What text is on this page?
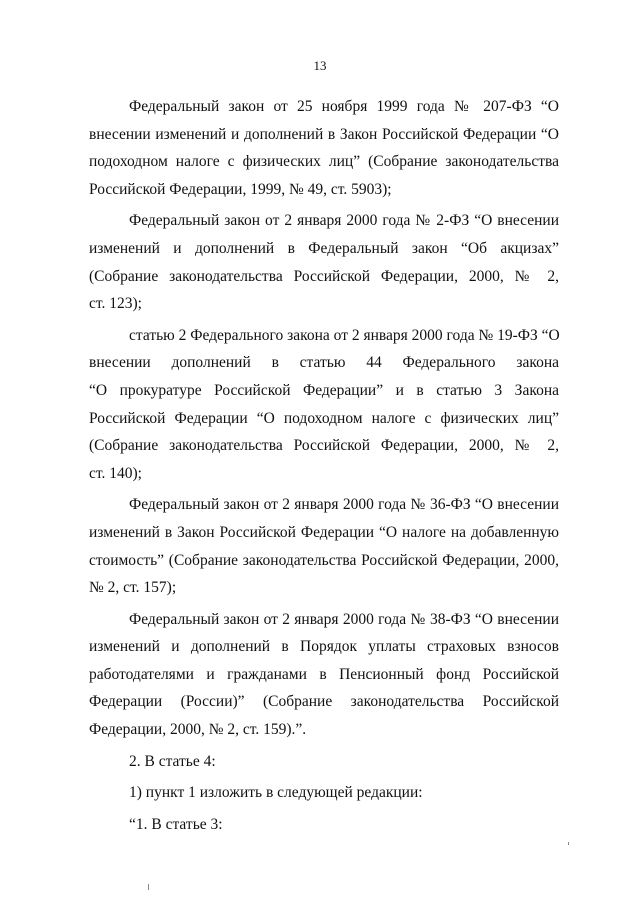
13
Федеральный закон от 25 ноября 1999 года № 207-ФЗ “О
внесении изменений и дополнений в Закон Российской Федерации “О
подоходном налоге с физических лиц” (Собрание законодательства
Российской Федерации, 1999, № 49, ст. 5903);
Федеральный закон от 2 января 2000 года № 2-ФЗ “О внесении
изменений и дополнений в Федеральный закон “Об акцизах”
(Собрание законодательства Российской Федерации, 2000, № 2,
ст. 123);
статью 2 Федерального закона от 2 января 2000 года № 19-ФЗ “О
внесении дополнений в статью 44 Федерального закона
“О прокуратуре Российской Федерации” и в статью 3 Закона
Российской Федерации “О подоходном налоге с физических лиц”
(Собрание законодательства Российской Федерации, 2000, № 2,
ст. 140);
Федеральный закон от 2 января 2000 года № 36-ФЗ “О внесении
изменений в Закон Российской Федерации “О налоге на добавленную
стоимость” (Собрание законодательства Российской Федерации, 2000,
№ 2, ст. 157);
Федеральный закон от 2 января 2000 года № 38-ФЗ “О внесении
изменений и дополнений в Порядок уплаты страховых взносов
работодателями и гражданами в Пенсионный фонд Российской
Федерации (России)” (Собрание законодательства Российской
Федерации, 2000, № 2, ст. 159).”.
2. В статье 4:
1) пункт 1 изложить в следующей редакции:
“1. В статье 3:
